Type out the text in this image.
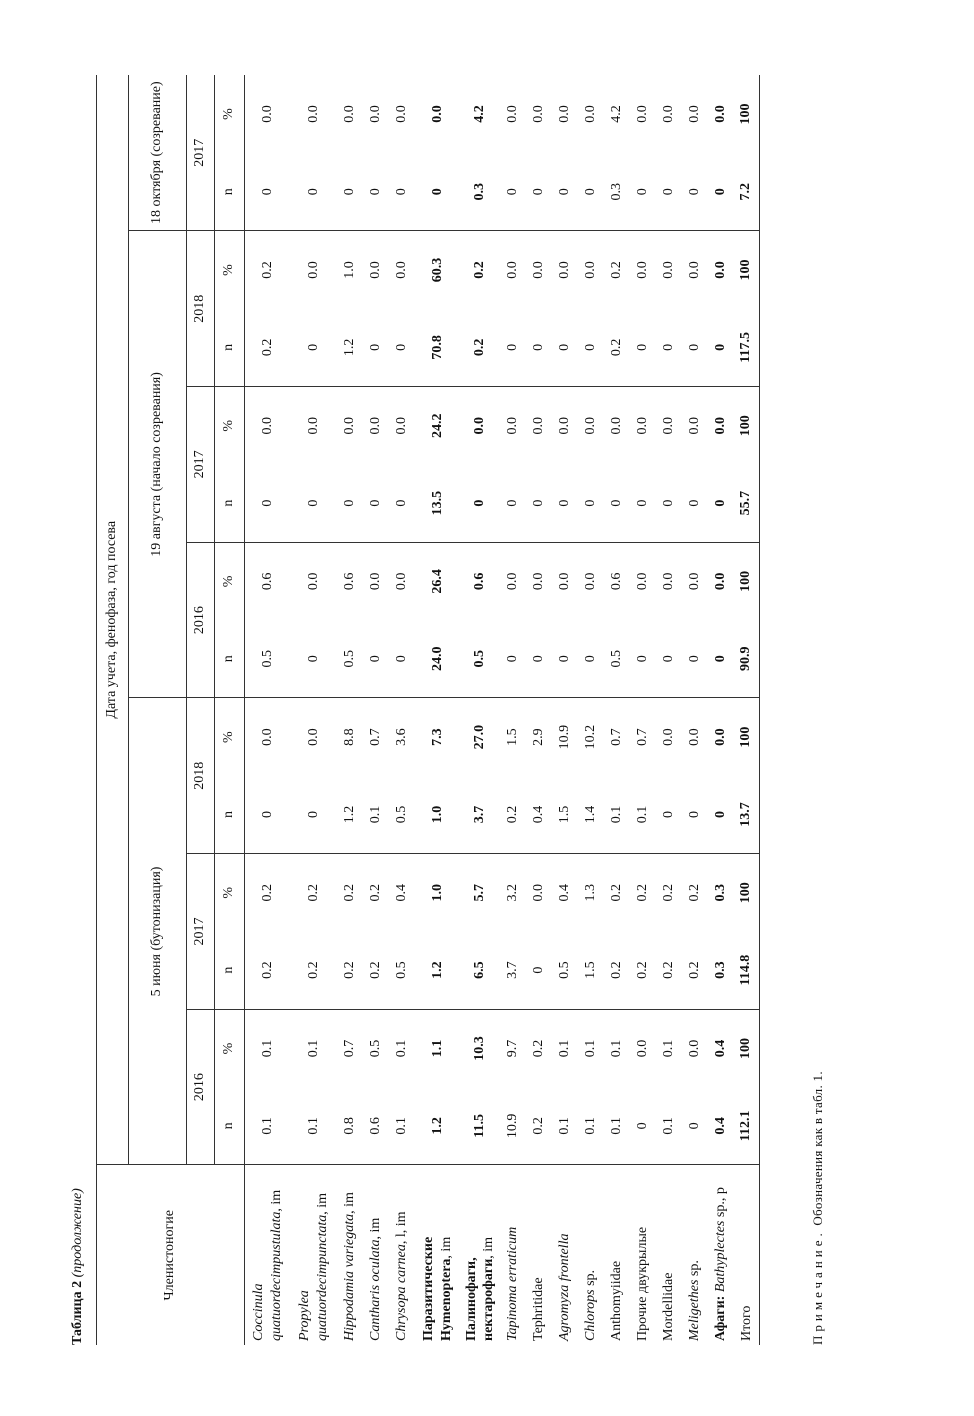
Таблица 2 (продолжение)	Членистоногие	Дата учета, фенофаза, год посева													
	5 июня (бутонизация)						19 августа (начало созревания)						18 октября (созревание)	
	2016		2017		2018		2016		2017		2018		2017	
	n	%	n	%	n	%	n	%	n	%	n	%	n	%
Coccinula quatuordecimpustulata, im	0.1	0.1	0.2	0.2	0	0.0	0.5	0.6	0	0.0	0.2	0.2	0	0.0
Propylea quatuordecimpunctata, im	0.1	0.1	0.2	0.2	0	0.0	0	0.0	0	0.0	0	0.0	0	0.0
Hippodamia variegata, im	0.8	0.7	0.2	0.2	1.2	8.8	0.5	0.6	0	0.0	1.2	1.0	0	0.0
Cantharis oculata, im	0.6	0.5	0.2	0.2	0.1	0.7	0	0.0	0	0.0	0	0.0	0	0.0
Chrysopa carnea, l, im	0.1	0.1	0.5	0.4	0.5	3.6	0	0.0	0	0.0	0	0.0	0	0.0
Паразитические Hymenoptera, im	1.2	1.1	1.2	1.0	1.0	7.3	24.0	26.4	13.5	24.2	70.8	60.3	0	0.0
Палинофаги, нектарофаги, im	11.5	10.3	6.5	5.7	3.7	27.0	0.5	0.6	0	0.0	0.2	0.2	0.3	4.2
Tapinoma erraticum	10.9	9.7	3.7	3.2	0.2	1.5	0	0.0	0	0.0	0	0.0	0	0.0
Tephritidae	0.2	0.2	0	0.0	0.4	2.9	0	0.0	0	0.0	0	0.0	0	0.0
Agromyza frontella	0.1	0.1	0.5	0.4	1.5	10.9	0	0.0	0	0.0	0	0.0	0	0.0
Chlorops sp.	0.1	0.1	1.5	1.3	1.4	10.2	0	0.0	0	0.0	0	0.0	0	0.0
Anthomyiidae	0.1	0.1	0.2	0.2	0.1	0.7	0.5	0.6	0	0.0	0.2	0.2	0.3	4.2
Прочие двукрылые	0	0.0	0.2	0.2	0.1	0.7	0	0.0	0	0.0	0	0.0	0	0.0
Mordellidae	0.1	0.1	0.2	0.2	0	0.0	0	0.0	0	0.0	0	0.0	0	0.0
Meligethes sp.	0	0.0	0.2	0.2	0	0.0	0	0.0	0	0.0	0	0.0	0	0.0
Афаги: Bathyplectes sp., p	0.4	0.4	0.3	0.3	0	0.0	0	0.0	0	0.0	0	0.0	0	0.0
Итого	112.1	100	114.8	100	13.7	100	90.9	100	55.7	100	117.5	100	7.2	100
Примечание. Обозначения как в табл. 1.
